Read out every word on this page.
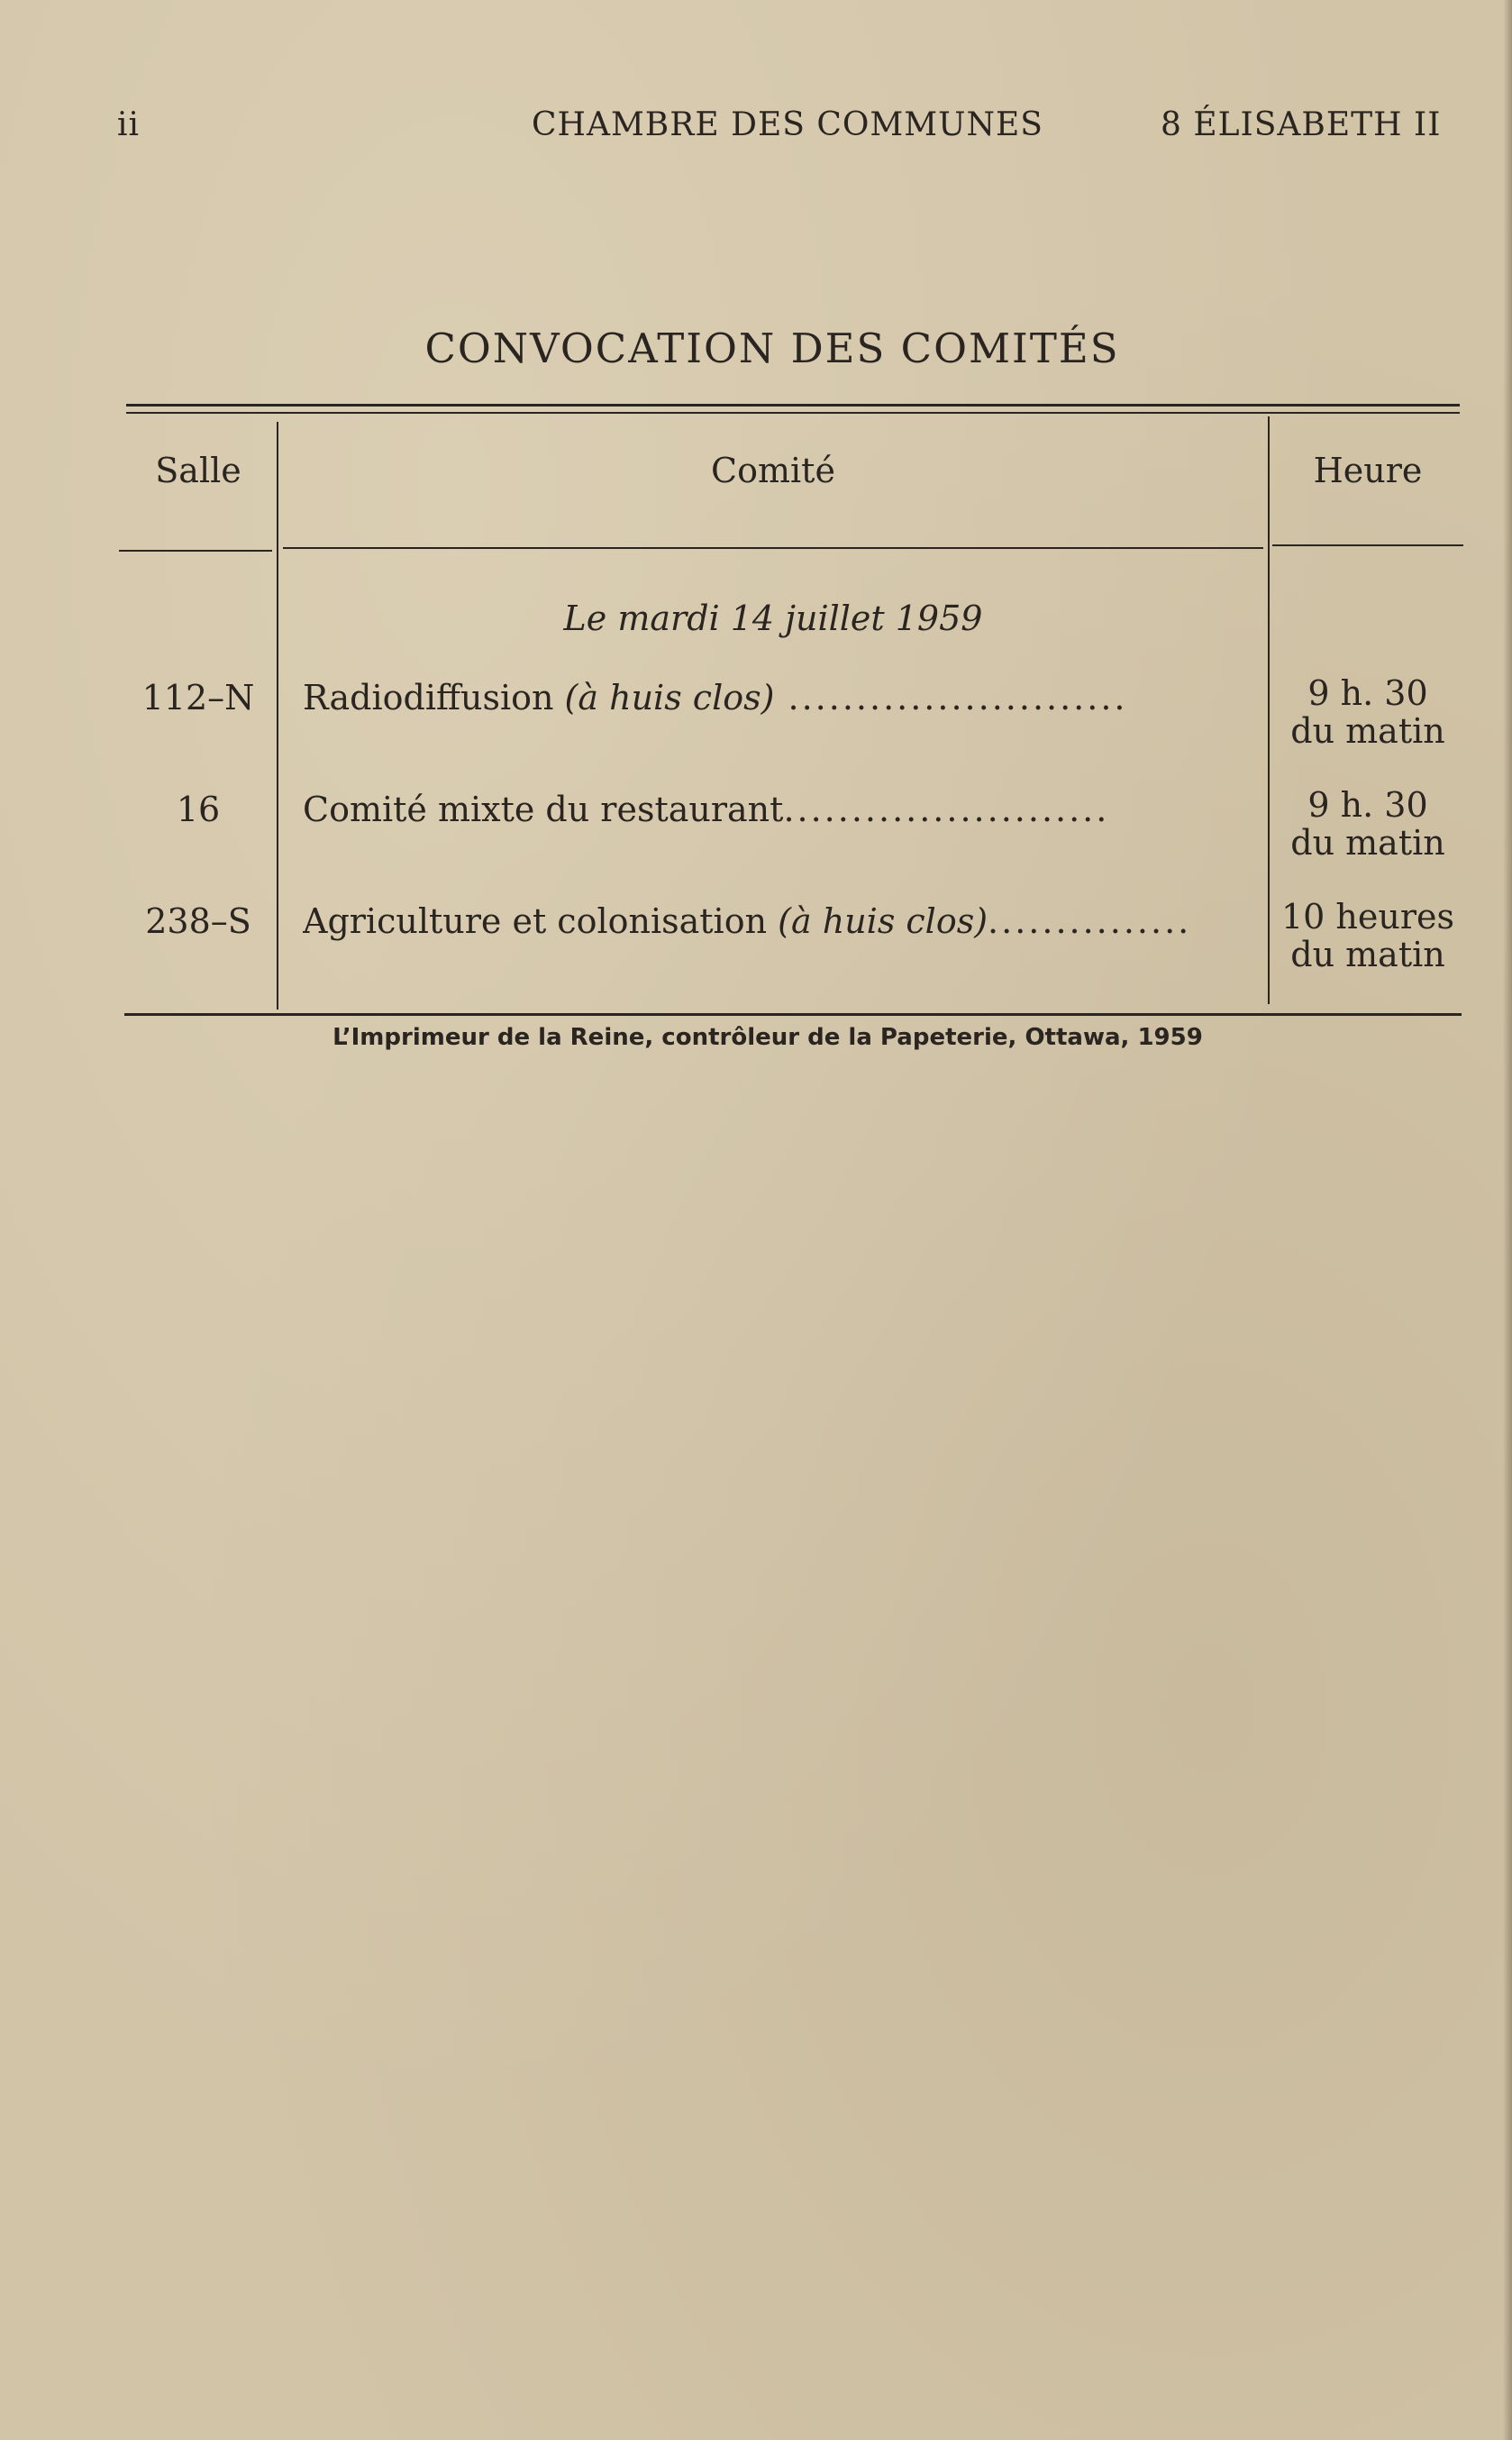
ii	CHAMBRE DES COMMUNES	8 ÉLISABETH II
CONVOCATION DES COMITÉS
Salle	Comité	Heure
Le mardi 14 juillet 1959
112–N	Radiodiffusion (à huis clos) .........................	9 h. 30
du matin
16	Comité mixte du restaurant........................	9 h. 30
du matin
238–S	Agriculture et colonisation (à huis clos)...............	10 heures
du matin
L’Imprimeur de la Reine, contrôleur de la Papeterie, Ottawa, 1959
